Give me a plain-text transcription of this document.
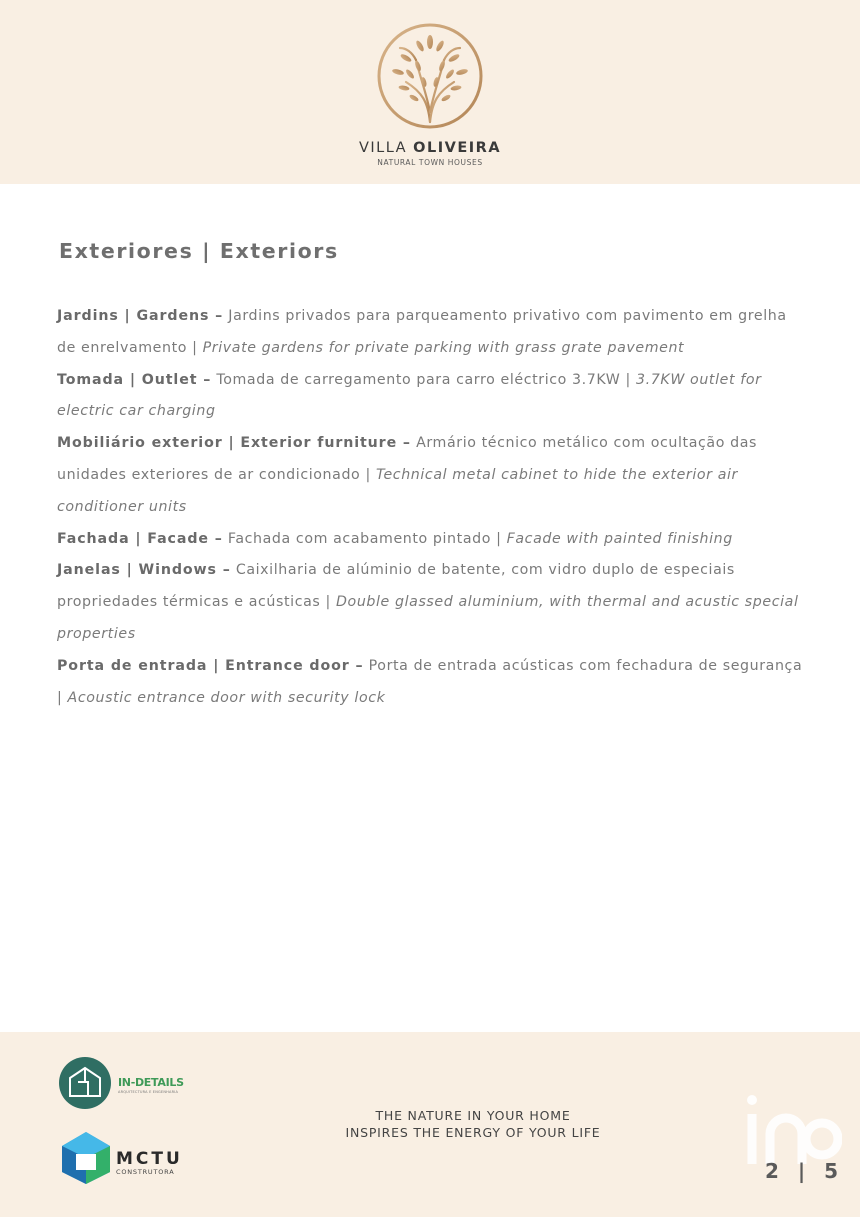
VILLA OLIVEIRA
NATURAL TOWN HOUSES
Exteriores | Exteriors

Jardins | Gardens – Jardins privados para parqueamento privativo com pavimento em grelha de enrelvamento | Private gardens for private parking with grass grate pavement

Tomada | Outlet – Tomada de carregamento para carro eléctrico 3.7KW | 3.7KW outlet for electric car charging

Mobiliário exterior | Exterior furniture – Armário técnico metálico com ocultação das unidades exteriores de ar condicionado | Technical metal cabinet to hide the exterior air conditioner units

Fachada | Facade – Fachada com acabamento pintado | Facade with painted finishing

Janelas | Windows – Caixilharia de alúminio de batente, com vidro duplo de especiais propriedades térmicas e acústicas | Double glassed aluminium, with thermal and acustic special properties

Porta de entrada | Entrance door – Porta de entrada acústicas com fechadura de segurança | Acoustic entrance door with security lock

IN-DETAILS
ARQUITECTURA E ENGENHARIA
MCTU
CONSTRUTORA
THE NATURE IN YOUR HOME
INSPIRES THE ENERGY OF YOUR LIFE
2 | 5
